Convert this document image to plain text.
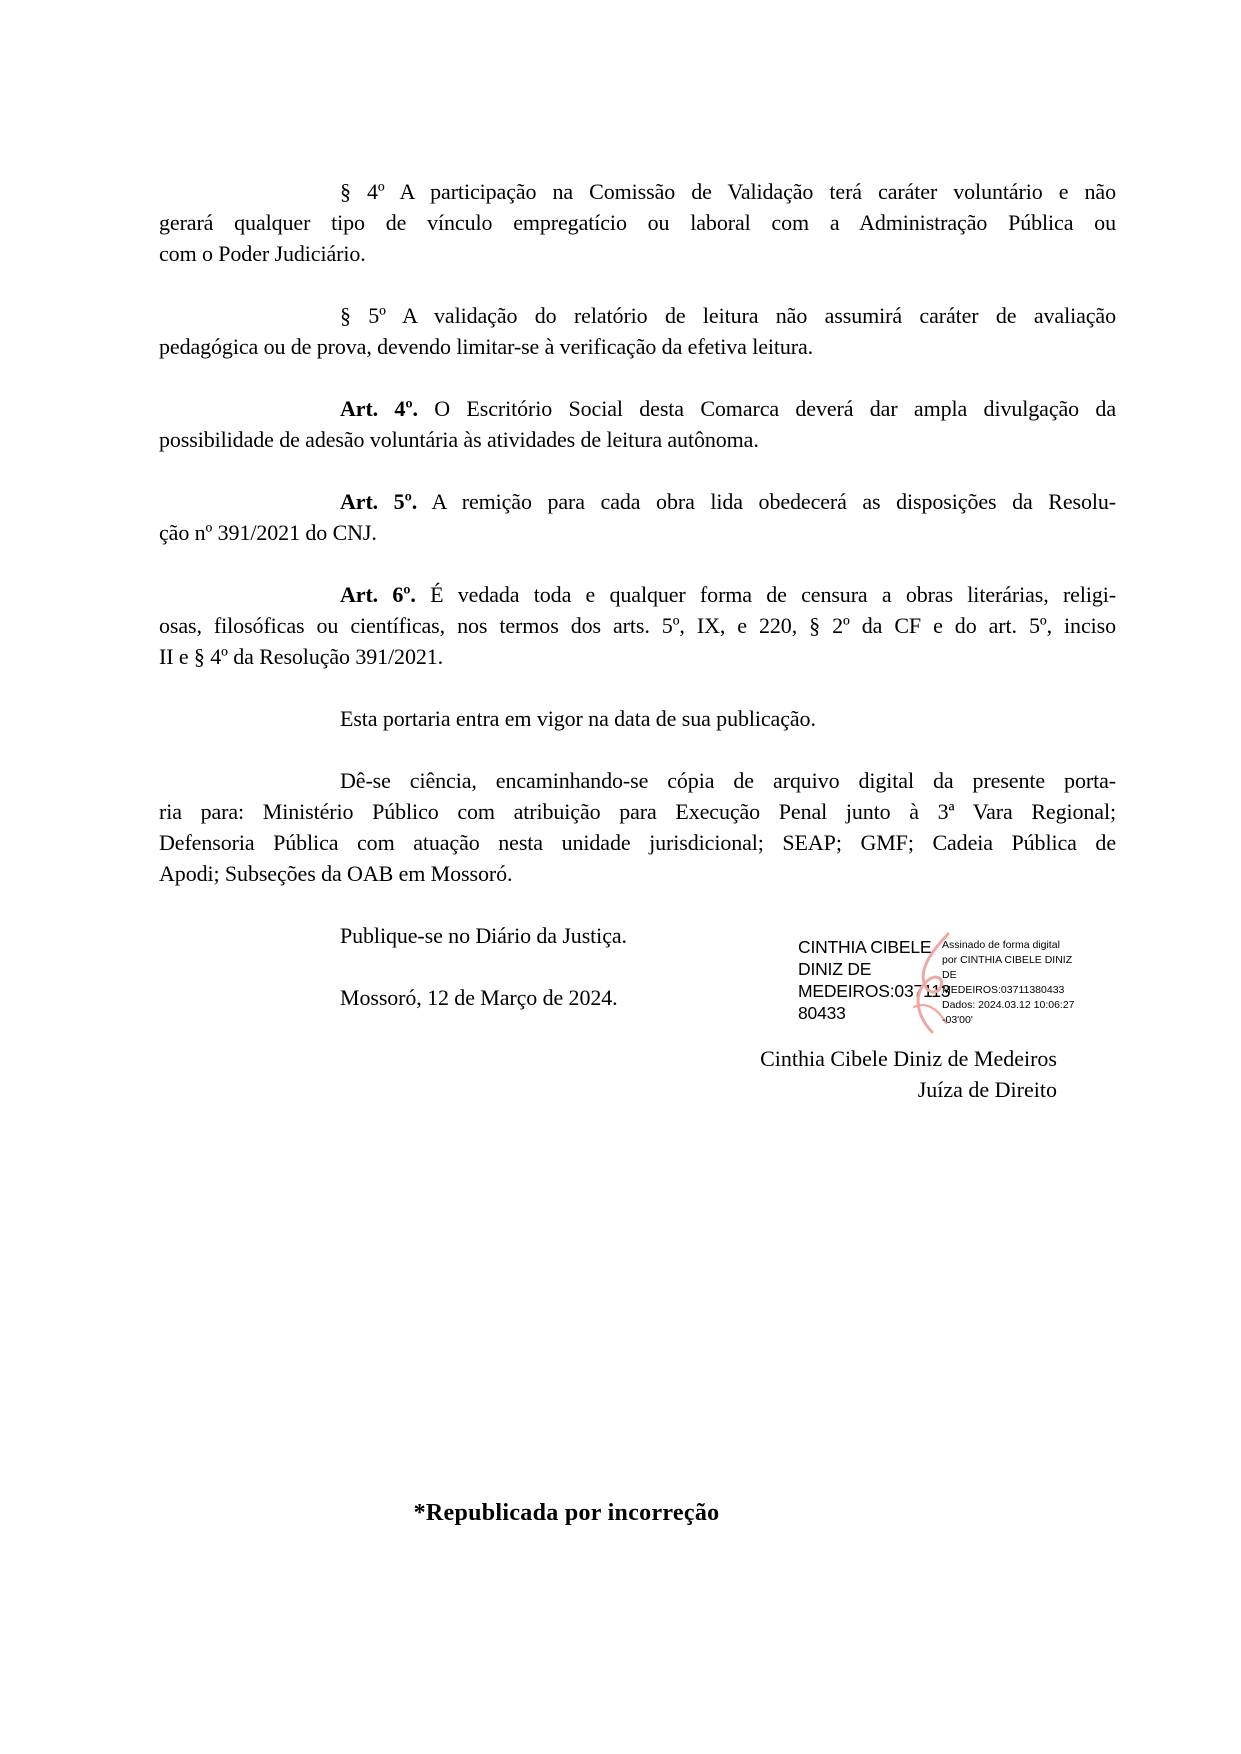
§ 4º A participação na Comissão de Validação terá caráter voluntário e não
gerará qualquer tipo de vínculo empregatício ou laboral com a Administração Pública ou
com o Poder Judiciário.
§ 5º A validação do relatório de leitura não assumirá caráter de avaliação
pedagógica ou de prova, devendo limitar-se à verificação da efetiva leitura.
Art. 4º. O Escritório Social desta Comarca deverá dar ampla divulgação da
possibilidade de adesão voluntária às atividades de leitura autônoma.
Art. 5º. A remição para cada obra lida obedecerá as disposições da Resolu-
ção nº 391/2021 do CNJ.
Art. 6º. É vedada toda e qualquer forma de censura a obras literárias, religi-
osas, filosóficas ou científicas, nos termos dos arts. 5º, IX, e 220, § 2º da CF e do art. 5º, inciso
II e § 4º da Resolução 391/2021.
Esta portaria entra em vigor na data de sua publicação.
Dê-se ciência, encaminhando-se cópia de arquivo digital da presente porta-
ria para: Ministério Público com atribuição para Execução Penal junto à 3ª Vara Regional;
Defensoria Pública com atuação nesta unidade jurisdicional; SEAP; GMF; Cadeia Pública de
Apodi; Subseções da OAB em Mossoró.
Publique-se no Diário da Justiça.
Mossoró, 12 de Março de 2024.
CINTHIA CIBELE
DINIZ DE
MEDEIROS:037113
80433
Assinado de forma digital
por CINTHIA CIBELE DINIZ
DE
MEDEIROS:03711380433
Dados: 2024.03.12 10:06:27
-03'00'
Cinthia Cibele Diniz de Medeiros
Juíza de Direito
*Republicada por incorreção
